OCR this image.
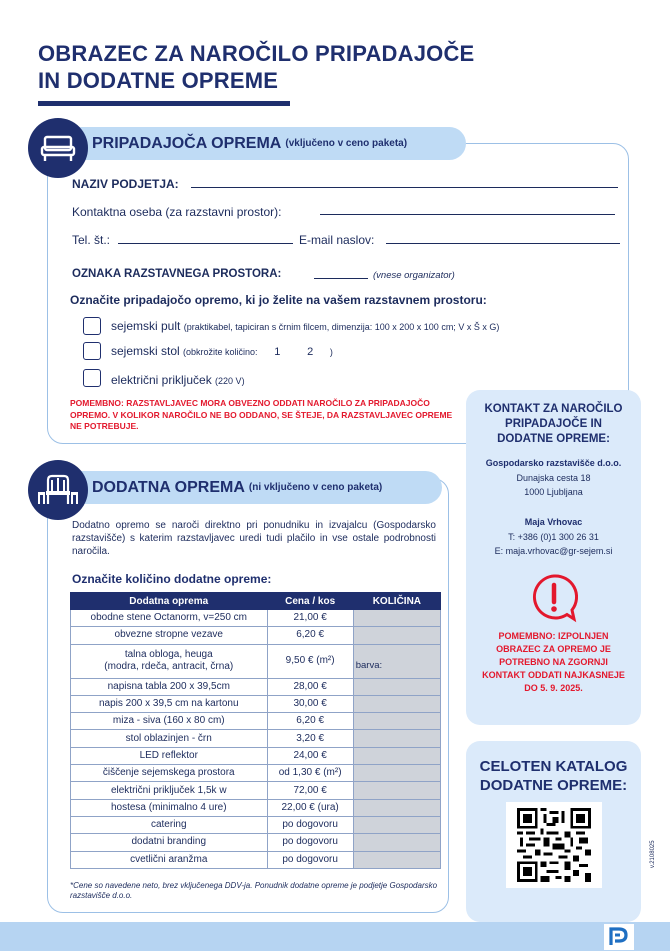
OBRAZEC ZA NAROČILO PRIPADAJOČE
IN DODATNE OPREME
PRIPADAJOČA OPREMA (vključeno v ceno paketa)
NAZIV PODJETJA:
Kontaktna oseba (za razstavni prostor):
Tel. št.:	E-mail naslov:
OZNAKA RAZSTAVNEGA PROSTORA:	(vnese organizator)
Označite pripadajočo opremo, ki jo želite na vašem razstavnem prostoru:
sejemski pult (praktikabel, tapiciran s črnim filcem, dimenzija: 100 x 200 x 100 cm; V x Š x G)
sejemski stol (obkrožite količino: 1 2 )
električni priključek (220 V)
POMEMBNO: RAZSTAVLJAVEC MORA OBVEZNO ODDATI NAROČILO ZA PRIPADAJOČO OPREMO. V KOLIKOR NAROČILO NE BO ODDANO, SE ŠTEJE, DA RAZSTAVLJAVEC OPREME NE POTREBUJE.
DODATNA OPREMA (ni vključeno v ceno paketa)
Dodatno opremo se naroči direktno pri ponudniku in izvajalcu (Gospodarsko razstavišče) s katerim razstavljavec uredi tudi plačilo in vse ostale podrobnosti naročila.
Označite količino dodatne opreme:
Dodatna oprema	Cena / kos	KOLIČINA
obodne stene Octanorm, v=250 cm	21,00 €	
obvezne stropne vezave	6,20 €	

talna obloga, heuga
(modra, rdeča, antracit, črna)	9,50 € (m²)	barva:
napisna tabla 200 x 39,5cm	28,00 €	
napis 200 x 39,5 cm na kartonu	30,00 €	
miza - siva (160 x 80 cm)	6,20 €	
stol oblazinjen - črn	3,20 €	
LED reflektor	24,00 €	
čiščenje sejemskega prostora	od 1,30 € (m²)	
električni priključek 1,5k w	72,00 €	
hostesa (minimalno 4 ure)	22,00 € (ura)	
catering	po dogovoru	
dodatni branding	po dogovoru	
cvetlični aranžma	po dogovoru	
*Cene so navedene neto, brez vključenega DDV-ja. Ponudnik dodatne opreme je podjetje Gospodarsko razstavišče d.o.o.
KONTAKT ZA NAROČILO PRIPADAJOČE IN DODATNE OPREME:
Gospodarsko razstavišče d.o.o.
Dunajska cesta 18
1000 Ljubljana
Maja Vrhovac
T: +386 (0)1 300 26 31
E: maja.vrhovac@gr-sejem.si
POMEMBNO: IZPOLNJEN OBRAZEC ZA OPREMO JE POTREBNO NA ZGORNJI KONTAKT ODDATI NAJKASNEJE DO 5. 9. 2025.
CELOTEN KATALOG DODATNE OPREME:
v.2108025
